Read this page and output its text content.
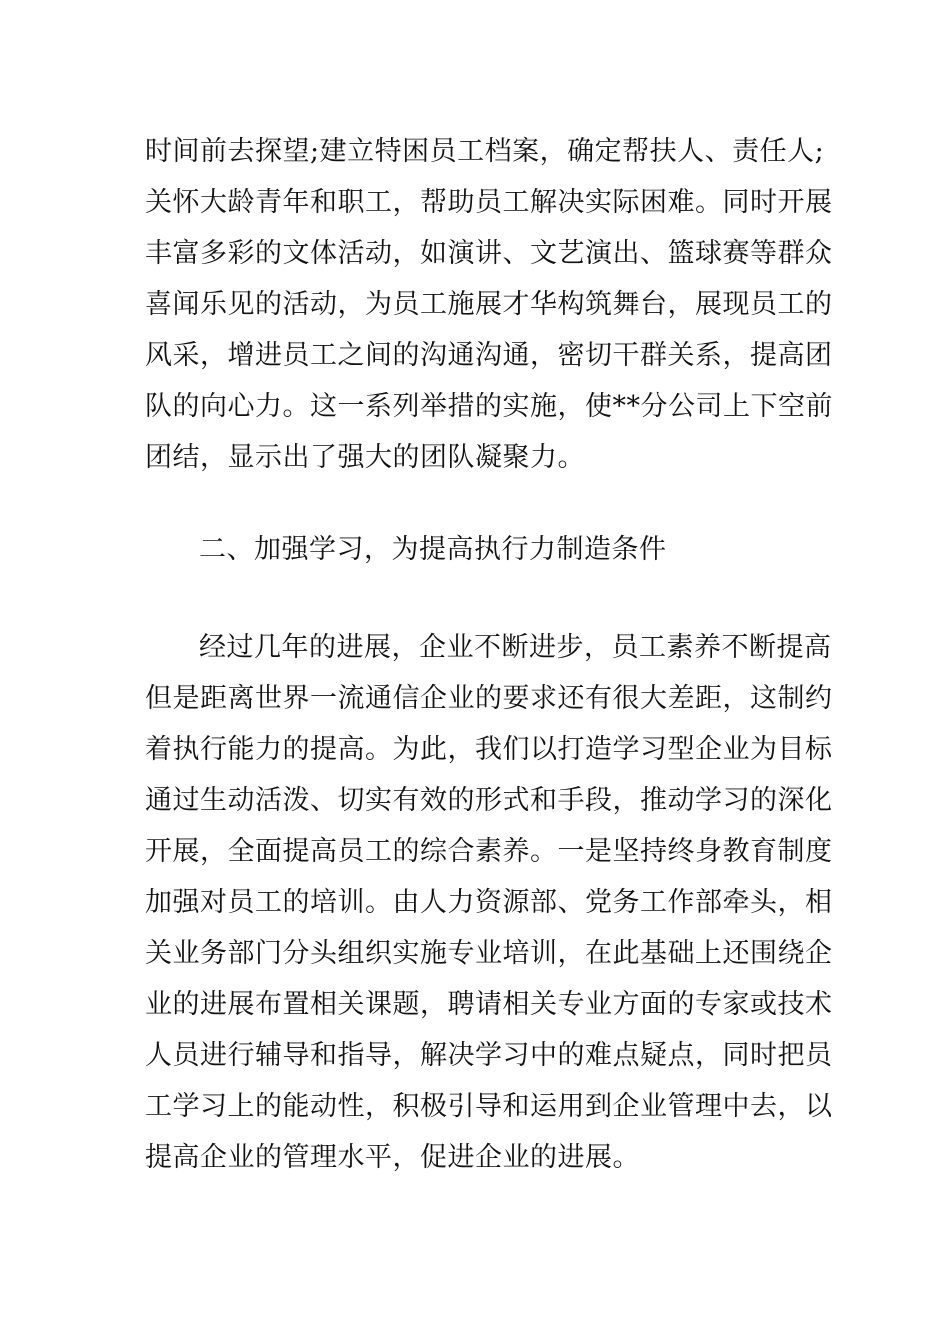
时间前去探望;建立特困员工档案，确定帮扶人、责任人;
关怀大龄青年和职工，帮助员工解决实际困难。同时开展
丰富多彩的文体活动，如演讲、文艺演出、篮球赛等群众
喜闻乐见的活动，为员工施展才华构筑舞台，展现员工的
风采，增进员工之间的沟通沟通，密切干群关系，提高团
队的向心力。这一系列举措的实施，使**分公司上下空前
团结，显示出了强大的团队凝聚力。
二、加强学习，为提高执行力制造条件
经过几年的进展，企业不断进步，员工素养不断提高
但是距离世界一流通信企业的要求还有很大差距，这制约
着执行能力的提高。为此，我们以打造学习型企业为目标
通过生动活泼、切实有效的形式和手段，推动学习的深化
开展，全面提高员工的综合素养。一是坚持终身教育制度
加强对员工的培训。由人力资源部、党务工作部牵头，相
关业务部门分头组织实施专业培训，在此基础上还围绕企
业的进展布置相关课题，聘请相关专业方面的专家或技术
人员进行辅导和指导，解决学习中的难点疑点，同时把员
工学习上的能动性，积极引导和运用到企业管理中去，以
提高企业的管理水平，促进企业的进展。
